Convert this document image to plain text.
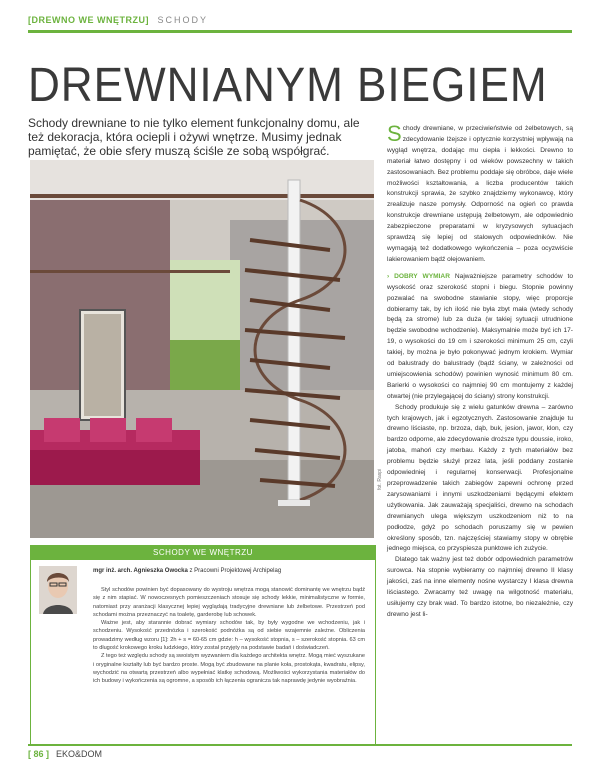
[DREWNO WE WNĘTRZU] SCHODY
DREWNIANYM BIEGIEM
Schody drewniane to nie tylko element funkcjonalny domu, ale też dekoracja, która ociepli i ożywi wnętrze. Musimy jednak pamiętać, że obie sfery muszą ściśle ze sobą współgrać.
fot. Raspi

Schody drewniane, w przeciwieństwie od żelbetowych, są zdecydowanie lżejsze i optycznie korzystniej wpływają na wygląd wnętrza, dodając mu ciepła i lekkości. Drewno to materiał łatwo dostępny i od wieków powszechny w takich zastosowaniach. Bez problemu poddaje się obróbce, daje wiele możliwości kształtowania, a liczba producentów takich konstrukcji sprawia, że szybko znajdziemy wykonawcę, który zrealizuje nasze pomysły. Odporność na ogień co prawda konstrukcje drewniane ustępują żelbetowym, ale odpowiednio zabezpieczone preparatami w kryzysowych sytuacjach sprawdzą się lepiej od stalowych odpowiedników. Nie wymagają też dodatkowego wykończenia – poza ocyzwiście lakierowaniem bądź olejowaniem.

› DOBRY WYMIAR Najważniejsze parametry schodów to wysokość oraz szerokość stopni i biegu. Stopnie powinny pozwalać na swobodne stawianie stopy, więc proporcje dobieramy tak, by ich ilość nie była zbyt mała (wtedy schody będą za strome) lub za duża (w takiej sytuacji utrudnione będzie swobodne wchodzenie). Maksymalnie może być ich 17-19, o wysokości do 19 cm i szerokości minimum 25 cm, czyli takiej, by można je było pokonywać jednym krokiem. Wymiar od balustrady do balustrady (bądź ściany, w zależności od umiejscowienia schodów) powinien wynosić minimum 80 cm. Barierki o wysokości co najmniej 90 cm montujemy z każdej otwartej (nie przylegającej do ściany) strony konstrukcji.

Schody produkuje się z wielu gatunków drewna – zarówno tych krajowych, jak i egzotycznych. Zastosowanie znajduje tu drewno liściaste, np. brzoza, dąb, buk, jesion, jawor, klon, czy bardzo odporne, ale zdecydowanie droższe typu doussie, iroko, jatoba, mahoń czy merbau. Każdy z tych materiałów bez problemu będzie służył przez lata, jeśli poddany zostanie odpowiedniej i regularnej konserwacji. Profesjonalne przeprowadzenie takich zabiegów zapewni ochronę przed zarysowaniami i innymi uszkodzeniami będącymi efektem użytkowania. Jak zauważają specjaliści, drewno na schodach drewnianych ulega większym uszkodzeniom niż to na podłodze, gdyż po schodach poruszamy się w pewien określony sposób, tzn. najczęściej stawiamy stopy w obrębie jednego miejsca, co przyspiesza punktowe ich zużycie.

Dlatego tak ważny jest też dobór odpowiednich parametrów surowca. Na stopnie wybieramy co najmniej drewno II klasy jakości, zaś na inne elementy nośne wystarczy I klasa drewna liściastego. Zwracamy też uwagę na wilgotność materiału, usiłujemy czy brak wad. To bardzo istotne, bo niezależnie, czy drewno jest li-

SCHODY WE WNĘTRZU
mgr inż. arch. Agnieszka Owocka z Pracowni Projektowej Archipelag

Styl schodów powinien być dopasowany do wystroju wnętrza mogą stanowić dominantę we wnętrzu bądź się z nim stapiać. W nowoczesnych pomieszczeniach stosuje się schody lekkie, minimalistyczne w formie, natomiast przy aranżacji klasycznej lepiej wyglądają tradycyjne drewniane lub żelbetowe. Przestrzeń pod schodami można przeznaczyć na toaletę, garderobę lub schowek.

Ważne jest, aby starannie dobrać wymiary schodów tak, by były wygodne we wchodzeniu, jak i schodzeniu. Wysokość przednózka i szerokość podnóżka są od siebie wzajemnie zależne. Obliczenia prowadzimy według wzoru [1]: 2h + s = 60-65 cm gdzie: h – wysokość stopnia, s – szerokość stopnia. 63 cm to długość krokowego kroku ludzkiego, który został przyjęty na podstawie badań i doświadczeń.

Z tego też względu schody są swoistym wyzwaniem dla każdego architekta wnętrz. Mogą mieć wyszukane i oryginalne kształty lub być bardzo proste. Mogą być zbudowane na planie koła, prostokąta, kwadratu, elipsy, wychodzić na otwartą przestrzeń albo wypełniać klatkę schodową. Możliwości wykorzystania materiałów do ich budowy i wykończenia są ogromne, a sposób ich łączenia ogranicza tak naprawdę jedynie wyobraźnia.

[ 86 ] EKO&DOM
